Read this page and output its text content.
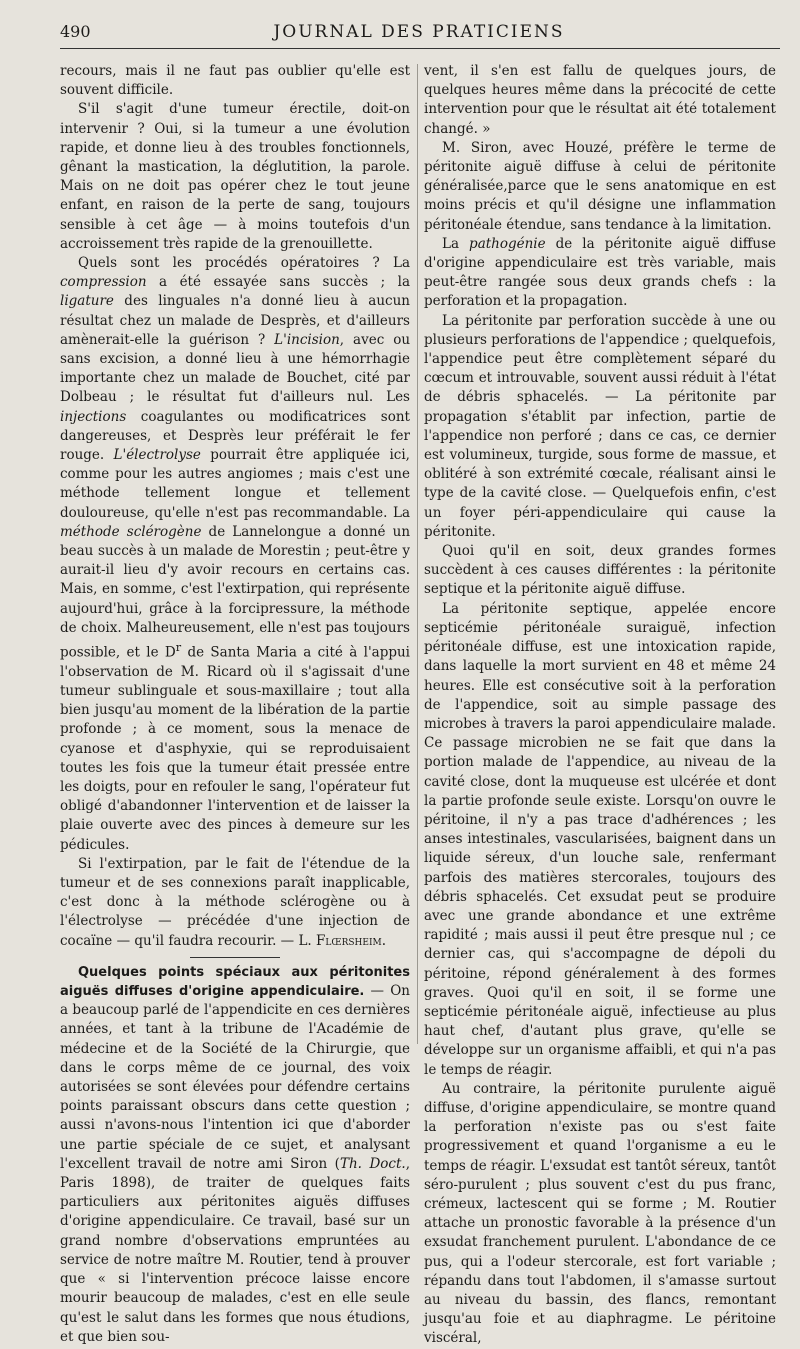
490	JOURNAL DES PRATICIENS

recours, mais il ne faut pas oublier qu'elle est souvent difficile.

S'il s'agit d'une tumeur érectile, doit-on intervenir ? Oui, si la tumeur a une évolution rapide, et donne lieu à des troubles fonctionnels, gênant la mastication, la déglutition, la parole. Mais on ne doit pas opérer chez le tout jeune enfant, en raison de la perte de sang, toujours sensible à cet âge — à moins toutefois d'un accroissement très rapide de la grenouillette.

Quels sont les procédés opératoires ? La compression a été essayée sans succès ; la ligature des linguales n'a donné lieu à aucun résultat chez un malade de Desprès, et d'ailleurs amènerait-elle la guérison ? L'incision, avec ou sans excision, a donné lieu à une hémorrhagie importante chez un malade de Bouchet, cité par Dolbeau ; le résultat fut d'ailleurs nul. Les injections coagulantes ou modificatrices sont dangereuses, et Desprès leur préférait le fer rouge. L'électrolyse pourrait être appliquée ici, comme pour les autres angiomes ; mais c'est une méthode tellement longue et tellement douloureuse, qu'elle n'est pas recommandable. La méthode sclérogène de Lannelongue a donné un beau succès à un malade de Morestin ; peut-être y aurait-il lieu d'y avoir recours en certains cas. Mais, en somme, c'est l'extirpation, qui représente aujourd'hui, grâce à la forcipressure, la méthode de choix. Malheureusement, elle n'est pas toujours possible, et le $D^r$ de Santa Maria a cité à l'appui l'observation de M. Ricard où il s'agissait d'une tumeur sublinguale et sous-maxillaire ; tout alla bien jusqu'au moment de la libération de la partie profonde ; à ce moment, sous la menace de cyanose et d'asphyxie, qui se reproduisaient toutes les fois que la tumeur était pressée entre les doigts, pour en refouler le sang, l'opérateur fut obligé d'abandonner l'intervention et de laisser la plaie ouverte avec des pinces à demeure sur les pédicules.

Si l'extirpation, par le fait de l'étendue de la tumeur et de ses connexions paraît inapplicable, c'est donc à la méthode sclérogène ou à l'électrolyse — précédée d'une injection de cocaïne — qu'il faudra recourir. — L. Flœrsheim.

Quelques points spéciaux aux péritonites aiguës diffuses d'origine appendiculaire. — On a beaucoup parlé de l'appendicite en ces dernières années, et tant à la tribune de l'Académie de médecine et de la Société de la Chirurgie, que dans le corps même de ce journal, des voix autorisées se sont élevées pour défendre certains points paraissant obscurs dans cette question ; aussi n'avons-nous l'intention ici que d'aborder une partie spéciale de ce sujet, et analysant l'excellent travail de notre ami Siron (Th. Doct., Paris 1898), de traiter de quelques faits particuliers aux péritonites aiguës diffuses d'origine appendiculaire. Ce travail, basé sur un grand nombre d'observations empruntées au service de notre maître M. Routier, tend à prouver que « si l'intervention précoce laisse encore mourir beaucoup de malades, c'est en elle seule qu'est le salut dans les formes que nous étudions, et que bien sou-

vent, il s'en est fallu de quelques jours, de quelques heures même dans la précocité de cette intervention pour que le résultat ait été totalement changé. »

M. Siron, avec Houzé, préfère le terme de péritonite aiguë diffuse à celui de péritonite généralisée,parce que le sens anatomique en est moins précis et qu'il désigne une inflammation péritonéale étendue, sans tendance à la limitation.

La pathogénie de la péritonite aiguë diffuse d'origine appendiculaire est très variable, mais peut-être rangée sous deux grands chefs : la perforation et la propagation.

La péritonite par perforation succède à une ou plusieurs perforations de l'appendice ; quelquefois, l'appendice peut être complètement séparé du cœcum et introuvable, souvent aussi réduit à l'état de débris sphacelés. — La péritonite par propagation s'établit par infection, partie de l'appendice non perforé ; dans ce cas, ce dernier est volumineux, turgide, sous forme de massue, et oblitéré à son extrémité cœcale, réalisant ainsi le type de la cavité close. — Quelquefois enfin, c'est un foyer péri-appendiculaire qui cause la péritonite.

Quoi qu'il en soit, deux grandes formes succèdent à ces causes différentes : la péritonite septique et la péritonite aiguë diffuse.

La péritonite septique, appelée encore septicémie péritonéale suraiguë, infection péritonéale diffuse, est une intoxication rapide, dans laquelle la mort survient en 48 et même 24 heures. Elle est consécutive soit à la perforation de l'appendice, soit au simple passage des microbes à travers la paroi appendiculaire malade. Ce passage microbien ne se fait que dans la portion malade de l'appendice, au niveau de la cavité close, dont la muqueuse est ulcérée et dont la partie profonde seule existe. Lorsqu'on ouvre le péritoine, il n'y a pas trace d'adhérences ; les anses intestinales, vascularisées, baignent dans un liquide séreux, d'un louche sale, renfermant parfois des matières stercorales, toujours des débris sphacelés. Cet exsudat peut se produire avec une grande abondance et une extrême rapidité ; mais aussi il peut être presque nul ; ce dernier cas, qui s'accompagne de dépoli du péritoine, répond généralement à des formes graves. Quoi qu'il en soit, il se forme une septicémie péritonéale aiguë, infectieuse au plus haut chef, d'autant plus grave, qu'elle se développe sur un organisme affaibli, et qui n'a pas le temps de réagir.

Au contraire, la péritonite purulente aiguë diffuse, d'origine appendiculaire, se montre quand la perforation n'existe pas ou s'est faite progressivement et quand l'organisme a eu le temps de réagir. L'exsudat est tantôt séreux, tantôt séro-purulent ; plus souvent c'est du pus franc, crémeux, lactescent qui se forme ; M. Routier attache un pronostic favorable à la présence d'un exsudat franchement purulent. L'abondance de ce pus, qui a l'odeur stercorale, est fort variable ; répandu dans tout l'abdomen, il s'amasse surtout au niveau du bassin, des flancs, remontant jusqu'au foie et au diaphragme. Le péritoine viscéral,
